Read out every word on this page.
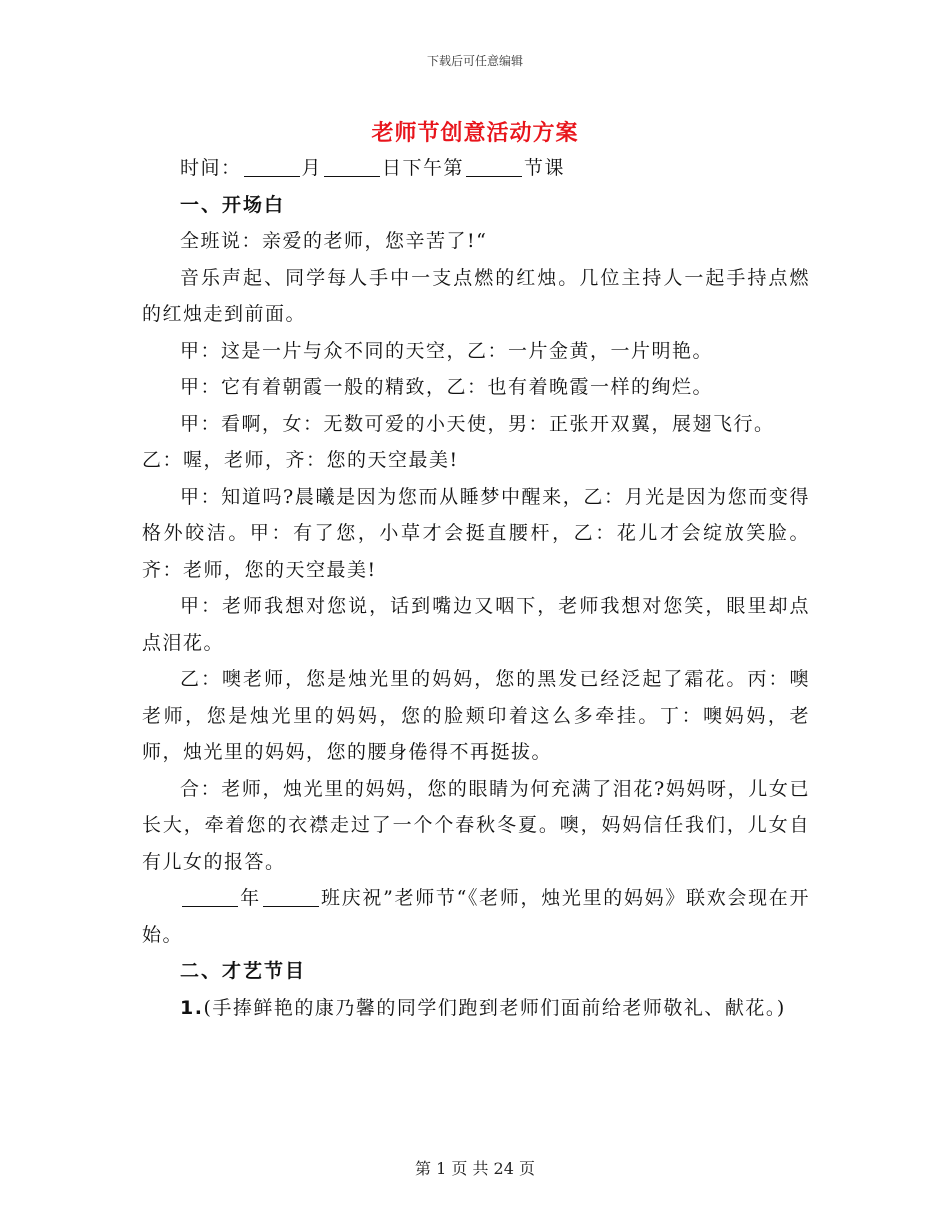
下载后可任意编辑
老师节创意活动方案

时间：	月	日下午第	节课

一、开场白

全班说：亲爱的老师，您辛苦了!“

音乐声起、同学每人手中一支点燃的红烛。几位主持人一起手持点燃的红烛走到前面。

甲：这是一片与众不同的天空，乙：一片金黄，一片明艳。

甲：它有着朝霞一般的精致，乙：也有着晚霞一样的绚烂。

甲：看啊，女：无数可爱的小天使，男：正张开双翼，展翅飞行。

乙：喔，老师，齐：您的天空最美!

甲：知道吗?晨曦是因为您而从睡梦中醒来，乙：月光是因为您而变得格外皎洁。甲：有了您，小草才会挺直腰杆，乙：花儿才会绽放笑脸。齐：老师，您的天空最美!

甲：老师我想对您说，话到嘴边又咽下，老师我想对您笑，眼里却点点泪花。

乙：噢老师，您是烛光里的妈妈，您的黑发已经泛起了霜花。丙：噢老师，您是烛光里的妈妈，您的脸颊印着这么多牵挂。丁：噢妈妈，老师，烛光里的妈妈，您的腰身倦得不再挺拔。

合：老师，烛光里的妈妈，您的眼睛为何充满了泪花?妈妈呀，儿女已长大，牵着您的衣襟走过了一个个春秋冬夏。噢，妈妈信任我们，儿女自有儿女的报答。

年	班庆祝”老师节“《老师，烛光里的妈妈》联欢会现在开始。

二、才艺节目

1.(手捧鲜艳的康乃馨的同学们跑到老师们面前给老师敬礼、献花。)

第 1 页 共 24 页
